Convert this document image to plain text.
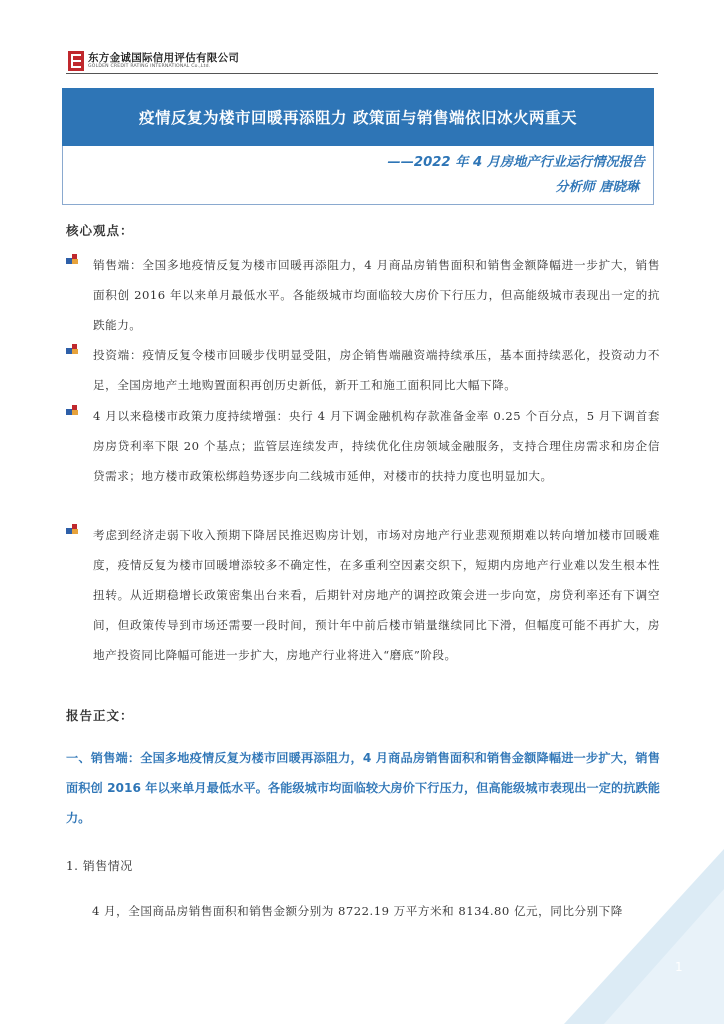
东方金诚国际信用评估有限公司
GOLDEN CREDIT RATING INTERNATIONAL Co.,Ltd.
疫情反复为楼市回暖再添阻力 政策面与销售端依旧冰火两重天
——2022 年 4 月房地产行业运行情况报告
分析师 唐晓琳
核心观点：
销售端：全国多地疫情反复为楼市回暖再添阻力，4 月商品房销售面积和销售金额降幅进一步扩大，销售面积创 2016 年以来单月最低水平。各能级城市均面临较大房价下行压力，但高能级城市表现出一定的抗跌能力。
投资端：疫情反复令楼市回暖步伐明显受阻，房企销售端融资端持续承压，基本面持续恶化，投资动力不足，全国房地产土地购置面积再创历史新低，新开工和施工面积同比大幅下降。
4 月以来稳楼市政策力度持续增强：央行 4 月下调金融机构存款准备金率 0.25 个百分点，5 月下调首套房房贷利率下限 20 个基点；监管层连续发声，持续优化住房领域金融服务，支持合理住房需求和房企信贷需求；地方楼市政策松绑趋势逐步向二线城市延伸，对楼市的扶持力度也明显加大。
考虑到经济走弱下收入预期下降居民推迟购房计划，市场对房地产行业悲观预期难以转向增加楼市回暖难度，疫情反复为楼市回暖增添较多不确定性，在多重利空因素交织下，短期内房地产行业难以发生根本性扭转。从近期稳增长政策密集出台来看，后期针对房地产的调控政策会进一步向宽，房贷利率还有下调空间，但政策传导到市场还需要一段时间，预计年中前后楼市销量继续同比下滑，但幅度可能不再扩大，房地产投资同比降幅可能进一步扩大，房地产行业将进入“磨底”阶段。
报告正文：
一、销售端：全国多地疫情反复为楼市回暖再添阻力，4 月商品房销售面积和销售金额降幅进一步扩大，销售面积创 2016 年以来单月最低水平。各能级城市均面临较大房价下行压力，但高能级城市表现出一定的抗跌能力。
1. 销售情况
4 月，全国商品房销售面积和销售金额分别为 8722.19 万平方米和 8134.80 亿元，同比分别下降
1
